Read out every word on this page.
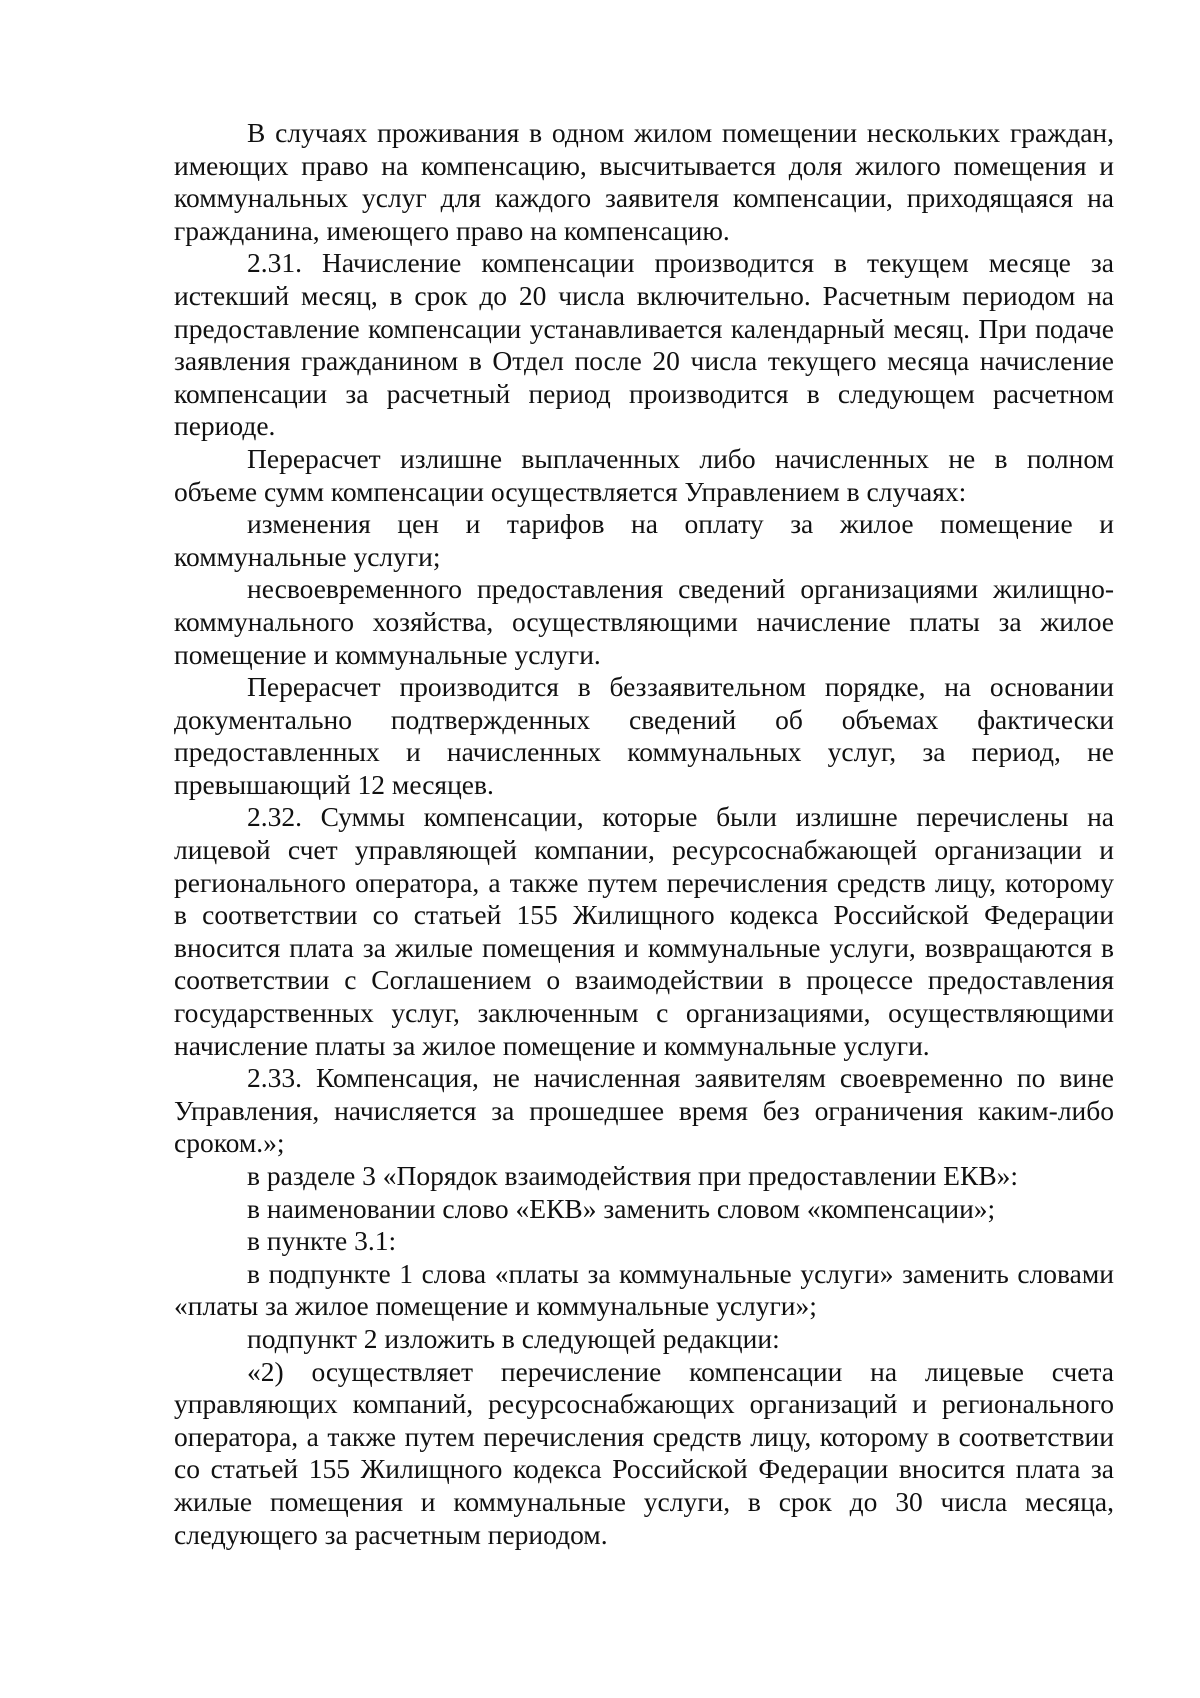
В случаях проживания в одном жилом помещении нескольких граждан, имеющих право на компенсацию, высчитывается доля жилого помещения и коммунальных услуг для каждого заявителя компенсации, приходящаяся на гражданина, имеющего право на компенсацию.

2.31. Начисление компенсации производится в текущем месяце за истекший месяц, в срок до 20 числа включительно. Расчетным периодом на предоставление компенсации устанавливается календарный месяц. При подаче заявления гражданином в Отдел после 20 числа текущего месяца начисление компенсации за расчетный период производится в следующем расчетном периоде.

Перерасчет излишне выплаченных либо начисленных не в полном объеме сумм компенсации осуществляется Управлением в случаях:

изменения цен и тарифов на оплату за жилое помещение и коммунальные услуги;

несвоевременного предоставления сведений организациями жилищно-коммунального хозяйства, осуществляющими начисление платы за жилое помещение и коммунальные услуги.

Перерасчет производится в беззаявительном порядке, на основании документально подтвержденных сведений об объемах фактически предоставленных и начисленных коммунальных услуг, за период, не превышающий 12 месяцев.

2.32. Суммы компенсации, которые были излишне перечислены на лицевой счет управляющей компании, ресурсоснабжающей организации и регионального оператора, а также путем перечисления средств лицу, которому в соответствии со статьей 155 Жилищного кодекса Российской Федерации вносится плата за жилые помещения и коммунальные услуги, возвращаются в соответствии с Соглашением о взаимодействии в процессе предоставления государственных услуг, заключенным с организациями, осуществляющими начисление платы за жилое помещение и коммунальные услуги.

2.33. Компенсация, не начисленная заявителям своевременно по вине Управления, начисляется за прошедшее время без ограничения каким-либо сроком.»;

в разделе 3 «Порядок взаимодействия при предоставлении ЕКВ»:

в наименовании слово «ЕКВ» заменить словом «компенсации»;

в пункте 3.1:

в подпункте 1 слова «платы за коммунальные услуги» заменить словами «платы за жилое помещение и коммунальные услуги»;

подпункт 2 изложить в следующей редакции:

«2) осуществляет перечисление компенсации на лицевые счета управляющих компаний, ресурсоснабжающих организаций и регионального оператора, а также путем перечисления средств лицу, которому в соответствии со статьей 155 Жилищного кодекса Российской Федерации вносится плата за жилые помещения и коммунальные услуги, в срок до 30 числа месяца, следующего за расчетным периодом.
